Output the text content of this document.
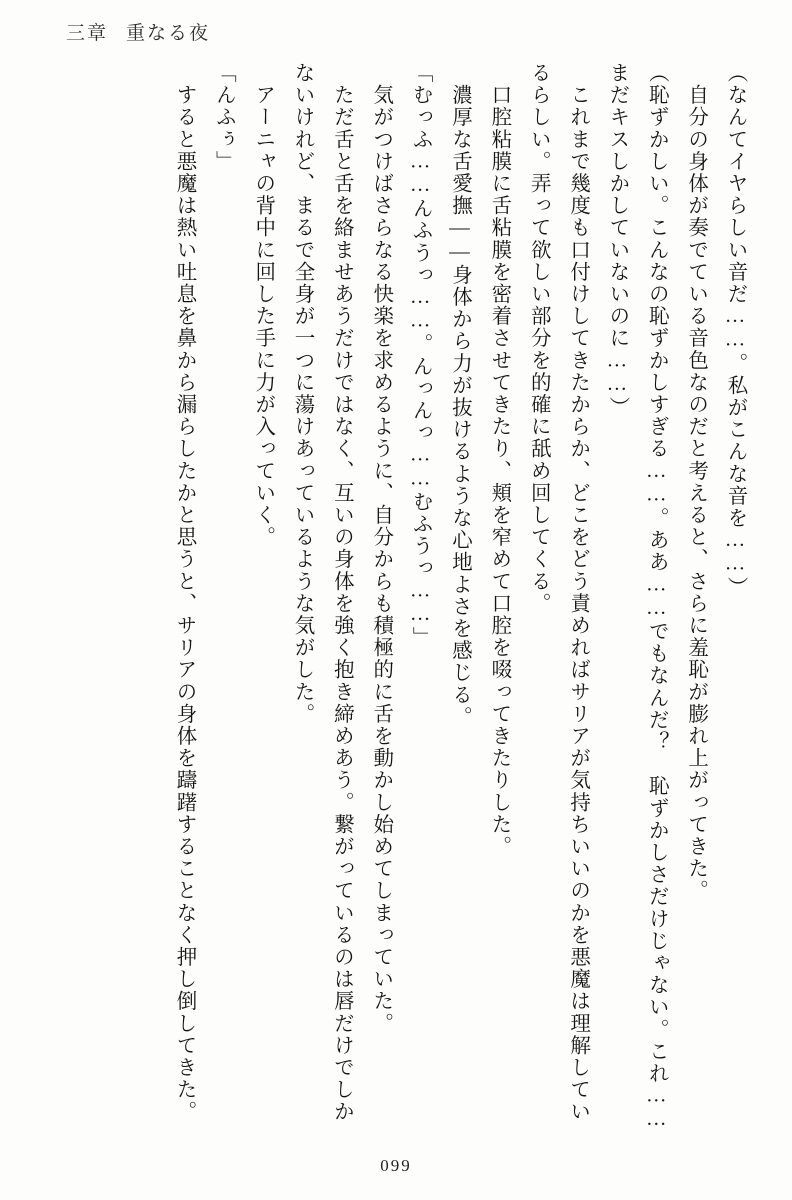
三章 重なる夜

（なんてイヤらしい音だ……。私がこんな音を……）

　自分の身体が奏でている音色なのだと考えると、さらに羞恥が膨れ上がってきた。

（恥ずかしい。こんなの恥ずかしすぎる……。ああ……でもなんだ？　恥ずかしさだけじゃない。これ……まだキスしかしていないのに……）

　これまで幾度も口付けしてきたからか、どこをどう責めればサリアが気持ちいいのかを悪魔は理解しているらしい。弄って欲しい部分を的確に舐め回してくる。

　口腔粘膜に舌粘膜を密着させてきたり、頬を窄めて口腔を啜ってきたりした。

　濃厚な舌愛撫――身体から力が抜けるような心地よさを感じる。

「むっふ……んふうっ……。んっんっ……むふうっ……」

　気がつけばさらなる快楽を求めるように、自分からも積極的に舌を動かし始めてしまっていた。

　ただ舌と舌を絡ませあうだけではなく、互いの身体を強く抱き締めあう。繋がっているのは唇だけでしかないけれど、まるで全身が一つに蕩けあっているような気がした。

　アーニャの背中に回した手に力が入っていく。

「んふぅ」

　すると悪魔は熱い吐息を鼻から漏らしたかと思うと、サリアの身体を躊躇することなく押し倒してきた。

099
